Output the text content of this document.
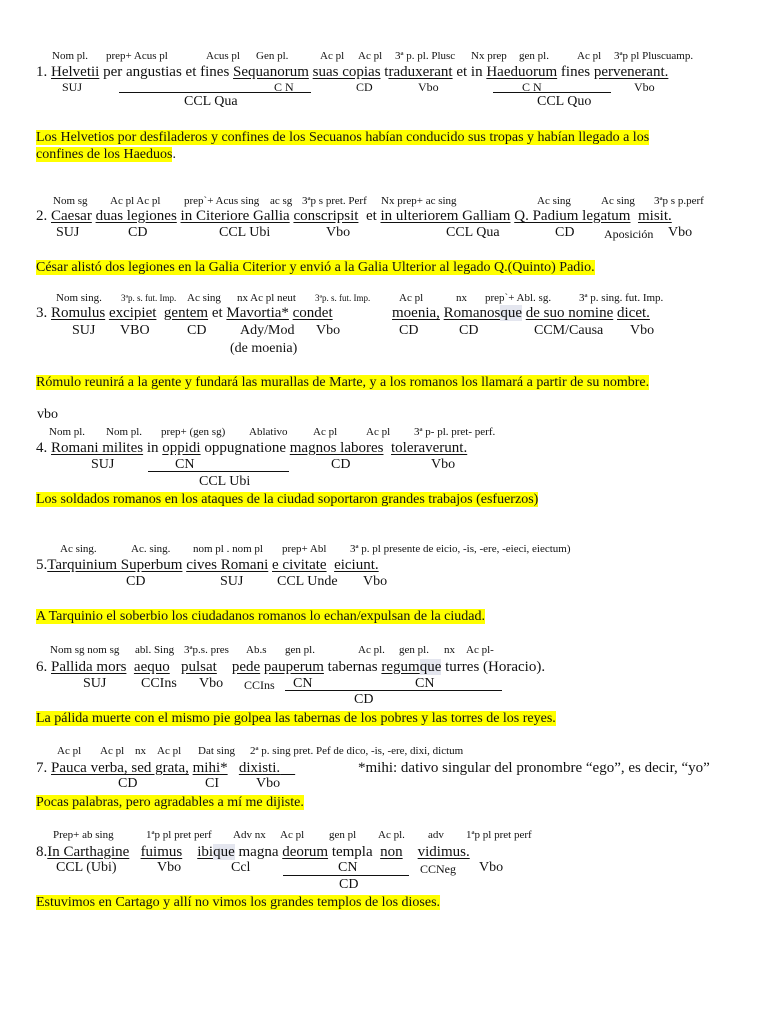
Nom pl. prep+ Acus pl	Acus pl Gen pl.	Ac pl Ac pl 3ª p. pl. Plusc Nx prep gen pl.	Ac pl 3ªp pl Pluscuamp.
1. Helvetii per angustias et fines Sequanorum suas copias traduxerant et in Haeduorum fines pervenerant.
SUJ	C N	CD	Vbo	C N	Vbo
CCL Qua	CCL Quo
Los Helvetios por desfiladeros y confines de los Secuanos habían conducido sus tropas y habían llegado a los
confines de los Haeduos.
Nom sg Ac pl Ac pl prep`+ Acus sing ac sg 3ªp s pret. Perf Nx prep+ ac sing	Ac sing	Ac sing 3ªp s p.perf
2. Caesar duas legiones in Citeriore Gallia conscripsit et in ulteriorem Galliam Q. Padium legatum misit.
SUJ	CD	CCL Ubi	Vbo	CCL Qua	CD Aposición Vbo
César alistó dos legiones en la Galia Citerior y envió a la Galia Ulterior al legado Q.(Quinto) Padio.
Nom sing. 3ªp. s. fut. Imp. Ac sing nx Ac pl neut 3ªp. s. fut. Imp.	Ac pl	nx prep`+ Abl. sg.	3ª p. sing. fut. Imp.
3. Romulus excipiet gentem et Mavortia* condet	moenia, Romanosque de suo nomine dicet.
SUJ VBO	CD Ady/Mod Vbo	CD	CD	CCM/Causa Vbo
(de moenia)
Rómulo reunirá a la gente y fundará las murallas de Marte, y a los romanos los llamará a partir de su nombre.
vbo
Nom pl. Nom pl. prep+ (gen sg) Ablativo Ac pl	Ac pl 3ª p- pl. pret- perf.
4. Romani milites in oppidi oppugnatione magnos labores toleraverunt.
SUJ	CN	CD	Vbo
CCL Ubi
Los soldados romanos en los ataques de la ciudad soportaron grandes trabajos (esfuerzos)
Ac sing.	Ac. sing. nom pl . nom pl prep+ Abl 3ª p. pl presente de eicio, -is, -ere, -eieci, eiectum)
5.Tarquinium Superbum cives Romani e civitate eiciunt.
CD	SUJ CCL Unde Vbo
A Tarquinio el soberbio los ciudadanos romanos lo echan/expulsan de la ciudad.
Nom sg nom sg abl. Sing 3ªp.s. pres Ab.s gen pl.	Ac pl. gen pl. nx Ac pl-
6. Pallida mors aequo pulsat pede pauperum tabernas regumque turres (Horacio).
SUJ CCIns Vbo CCIns CN	CN
CD
La pálida muerte con el mismo pie golpea las tabernas de los pobres y las torres de los reyes.
Ac pl Ac pl nx Ac pl Dat sing 2ª p. sing pret. Pef de dico, -is, -ere, dixi, dictum
7. Pauca verba, sed grata, mihi* dixisti.	*mihi: dativo singular del pronombre “ego”, es decir, “yo”
CD	CI	Vbo
Pocas palabras, pero agradables a mí me dijiste.
Prep+ ab sing	1ªp pl pret perf Adv nx Ac pl gen pl Ac pl. adv 1ªp pl pret perf
8.In Carthagine fuimus ibique magna deorum templa non vidimus.
CCL (Ubi)	Vbo	Ccl	CN	CCNeg Vbo
CD
Estuvimos en Cartago y allí no vimos los grandes templos de los dioses.
